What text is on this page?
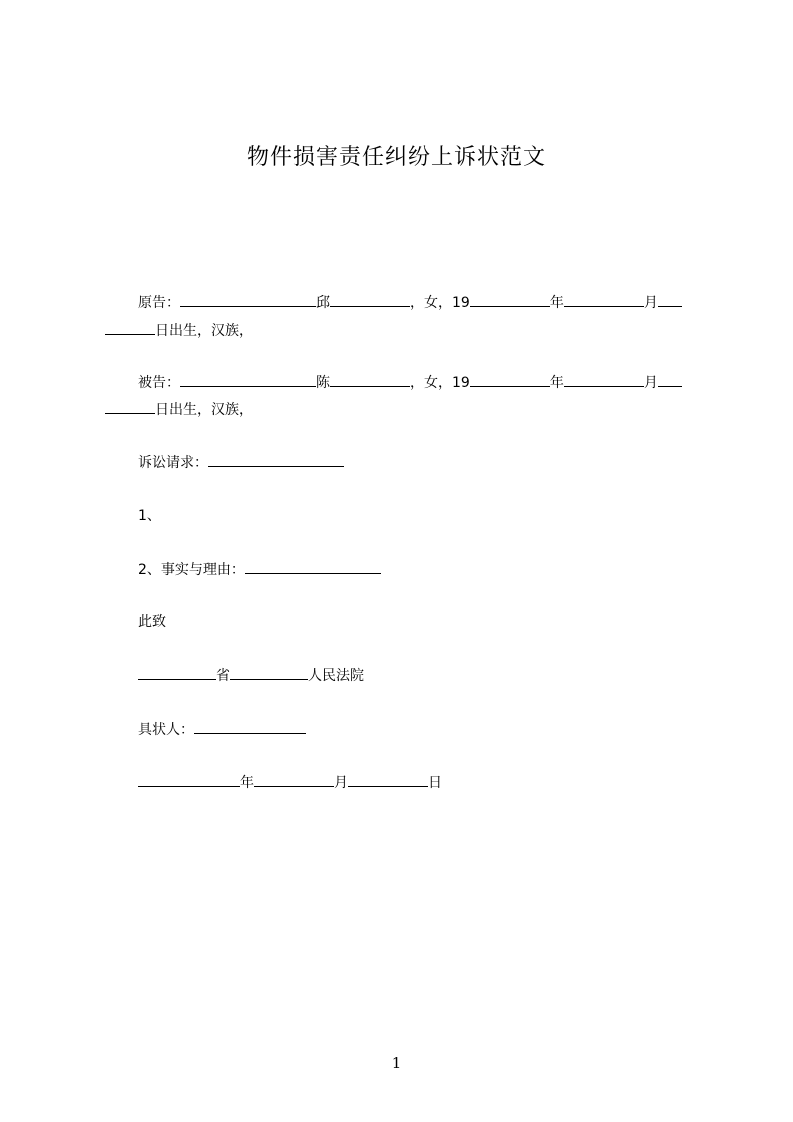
物件损害责任纠纷上诉状范文
原告：	邱	，女，19	年	月
日出生，汉族，
被告：	陈	，女，19	年	月
日出生，汉族，
诉讼请求：
1、
2、事实与理由：
此致
省	人民法院
具状人：
年	月	日
1
